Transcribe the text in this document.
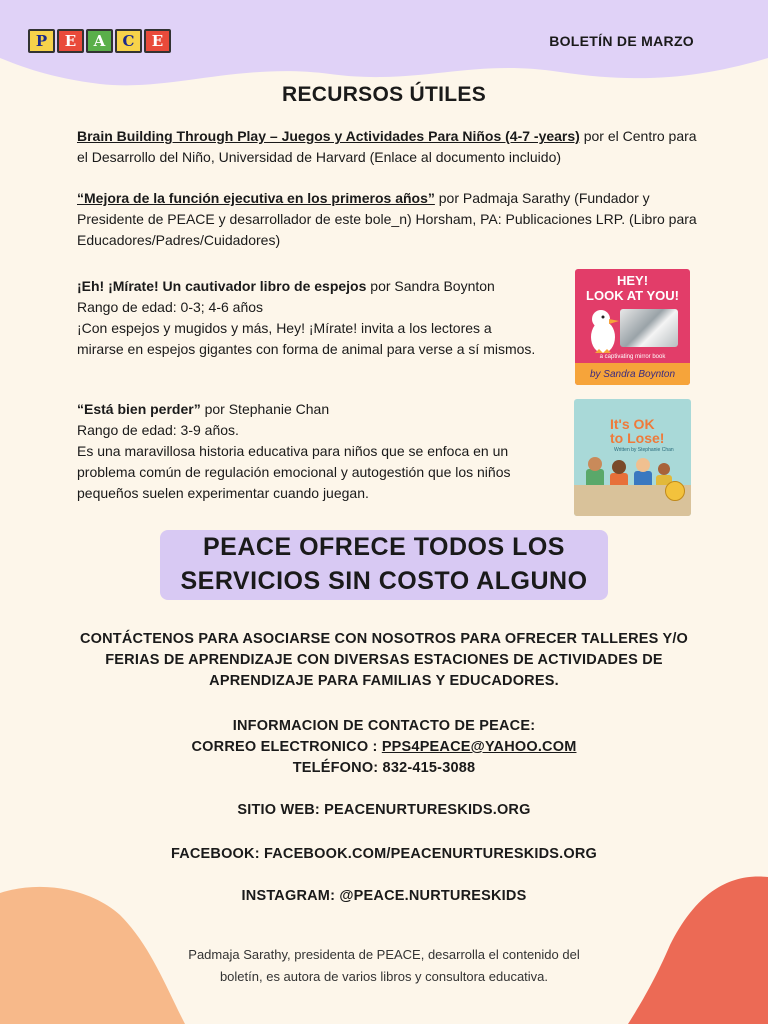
P	E	A	C	E	BOLETÍN DE MARZO
RECURSOS ÚTILES
Brain Building Through Play – Juegos y Actividades Para Niños (4-7 -years) por el Centro para el Desarrollo del Niño, Universidad de Harvard (Enlace al documento incluido)
“Mejora de la función ejecutiva en los primeros años” por Padmaja Sarathy (Fundador y Presidente de PEACE y desarrollador de este bole_n) Horsham, PA: Publicaciones LRP. (Libro para Educadores/Padres/Cuidadores)
¡Eh! ¡Mírate! Un cautivador libro de espejos por Sandra Boynton
Rango de edad: 0-3; 4-6 años
¡Con espejos y mugidos y más, Hey! ¡Mírate! invita a los lectores a mirarse en espejos gigantes con forma de animal para verse a sí mismos.
HEY!
LOOK AT YOU!
a captivating mirror book
by Sandra Boynton
“Está bien perder” por Stephanie Chan
Rango de edad: 3-9 años.
Es una maravillosa historia educativa para niños que se enfoca en un problema común de regulación emocional y autogestión que los niños pequeños suelen experimentar cuando juegan.
It's OK
to Lose!
Written by Stephanie Chan
PEACE OFRECE TODOS LOS
SERVICIOS SIN COSTO ALGUNO
CONTÁCTENOS PARA ASOCIARSE CON NOSOTROS PARA OFRECER TALLERES Y/O FERIAS DE APRENDIZAJE CON DIVERSAS ESTACIONES DE ACTIVIDADES DE APRENDIZAJE PARA FAMILIAS Y EDUCADORES.
INFORMACION DE CONTACTO DE PEACE:
CORREO ELECTRONICO : PPS4PEACE@YAHOO.COM
TELÉFONO: 832-415-3088
SITIO WEB: PEACENURTURESKIDS.ORG
FACEBOOK: FACEBOOK.COM/PEACENURTURESKIDS.ORG
INSTAGRAM: @PEACE.NURTURESKIDS
Padmaja Sarathy, presidenta de PEACE, desarrolla el contenido del
boletín, es autora de varios libros y consultora educativa.
